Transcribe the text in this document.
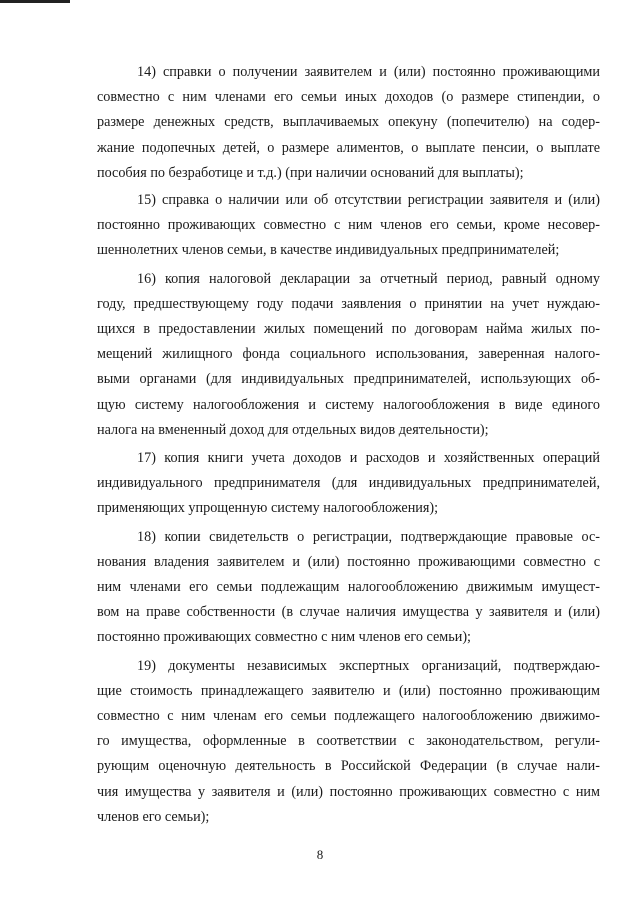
14) справки о получении заявителем и (или) постоянно проживающими
совместно с ним членами его семьи иных доходов (о размере стипендии, о
размере денежных средств, выплачиваемых опекуну (попечителю) на содер-
жание подопечных детей, о размере алиментов, о выплате пенсии, о выплате
пособия по безработице и т.д.) (при наличии оснований для выплаты);

15) справка о наличии или об отсутствии регистрации заявителя и (или)
постоянно проживающих совместно с ним членов его семьи, кроме несовер-
шеннолетних членов семьи, в качестве индивидуальных предпринимателей;

16) копия налоговой декларации за отчетный период, равный одному
году, предшествующему году подачи заявления о принятии на учет нуждаю-
щихся в предоставлении жилых помещений по договорам найма жилых по-
мещений жилищного фонда социального использования, заверенная налого-
выми органами (для индивидуальных предпринимателей, использующих об-
щую систему налогообложения и систему налогообложения в виде единого
налога на вмененный доход для отдельных видов деятельности);

17) копия книги учета доходов и расходов и хозяйственных операций
индивидуального предпринимателя (для индивидуальных предпринимателей,
применяющих упрощенную систему налогообложения);

18) копии свидетельств о регистрации, подтверждающие правовые ос-
нования владения заявителем и (или) постоянно проживающими совместно с
ним членами его семьи подлежащим налогообложению движимым имущест-
вом на праве собственности (в случае наличия имущества у заявителя и (или)
постоянно проживающих совместно с ним членов его семьи);

19) документы независимых экспертных организаций, подтверждаю-
щие стоимость принадлежащего заявителю и (или) постоянно проживающим
совместно с ним членам его семьи подлежащего налогообложению движимо-
го имущества, оформленные в соответствии с законодательством, регули-
рующим оценочную деятельность в Российской Федерации (в случае нали-
чия имущества у заявителя и (или) постоянно проживающих совместно с ним
членов его семьи);

8
